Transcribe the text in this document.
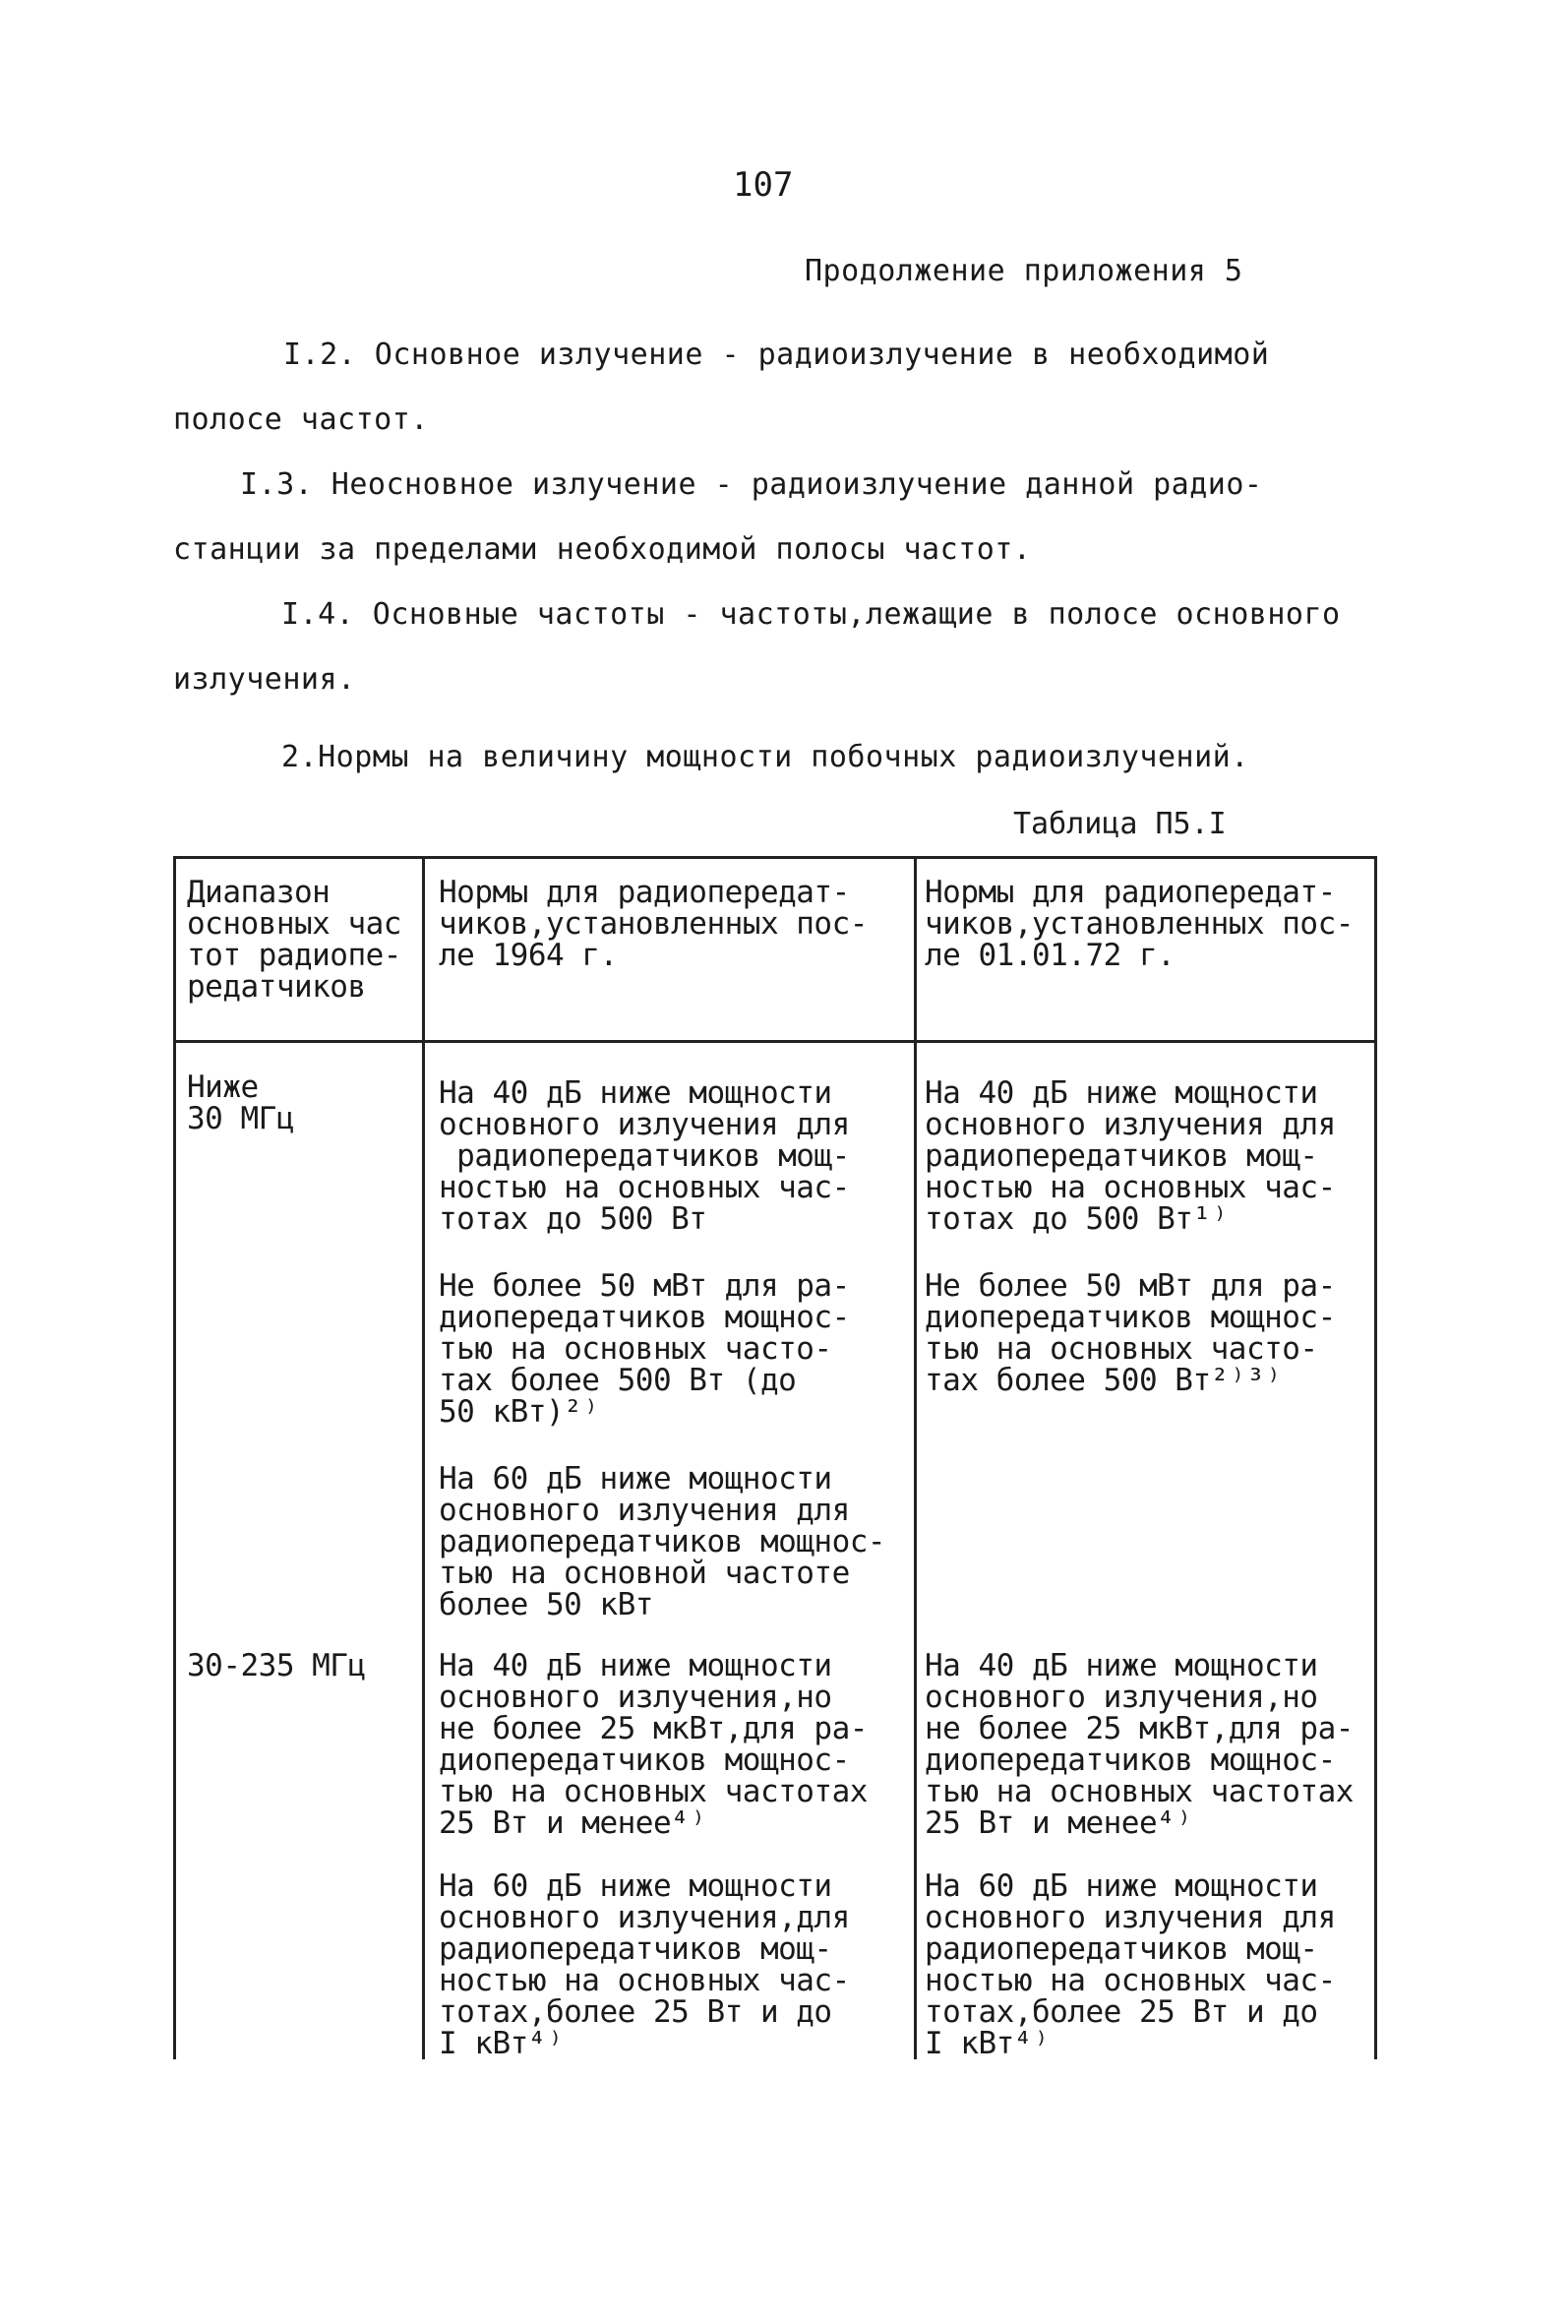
107
Продолжение приложения 5
I.2. Основное излучение - радиоизлучение в необходимой
полосе частот.
I.3. Неосновное излучение - радиоизлучение данной радио-
станции за пределами необходимой полосы частот.
I.4. Основные частоты - частоты,лежащие в полосе основного
излучения.
2.Нормы на величину мощности побочных радиоизлучений.
Таблица П5.I
Диапазон
основных час
тот радиопе-
редатчиков
Нормы для радиопередат-
чиков,установленных пос-
ле 1964 г.
Нормы для радиопередат-
чиков,установленных пос-
ле 01.01.72 г.
Ниже
30 МГц
На 40 дБ ниже мощности
основного излучения для
радиопередатчиков мощ-
ностью на основных час-
тотах до 500 Вт
Не более 50 мВт для ра-
диопередатчиков мощнос-
тью на основных часто-
тах более 500 Вт (до
50 кВт)²⁾
На 60 дБ ниже мощности
основного излучения для
радиопередатчиков мощнос-
тью на основной частоте
более 50 кВт
На 40 дБ ниже мощности
основного излучения для
радиопередатчиков мощ-
ностью на основных час-
тотах до 500 Вт¹⁾
Не более 50 мВт для ра-
диопередатчиков мощнос-
тью на основных часто-
тах более 500 Вт²⁾³⁾
30-235 МГц На 40 дБ ниже мощности
основного излучения,но
не более 25 мкВт,для ра-
диопередатчиков мощнос-
тью на основных частотах
25 Вт и менее⁴⁾
На 60 дБ ниже мощности
основного излучения,для
радиопередатчиков мощ-
ностью на основных час-
тотах,более 25 Вт и до
I кВт⁴⁾
На 40 дБ ниже мощности
основного излучения,но
не более 25 мкВт,для ра-
диопередатчиков мощнос-
тью на основных частотах
25 Вт и менее⁴⁾
На 60 дБ ниже мощности
основного излучения для
радиопередатчиков мощ-
ностью на основных час-
тотах,более 25 Вт и до
I кВт⁴⁾
